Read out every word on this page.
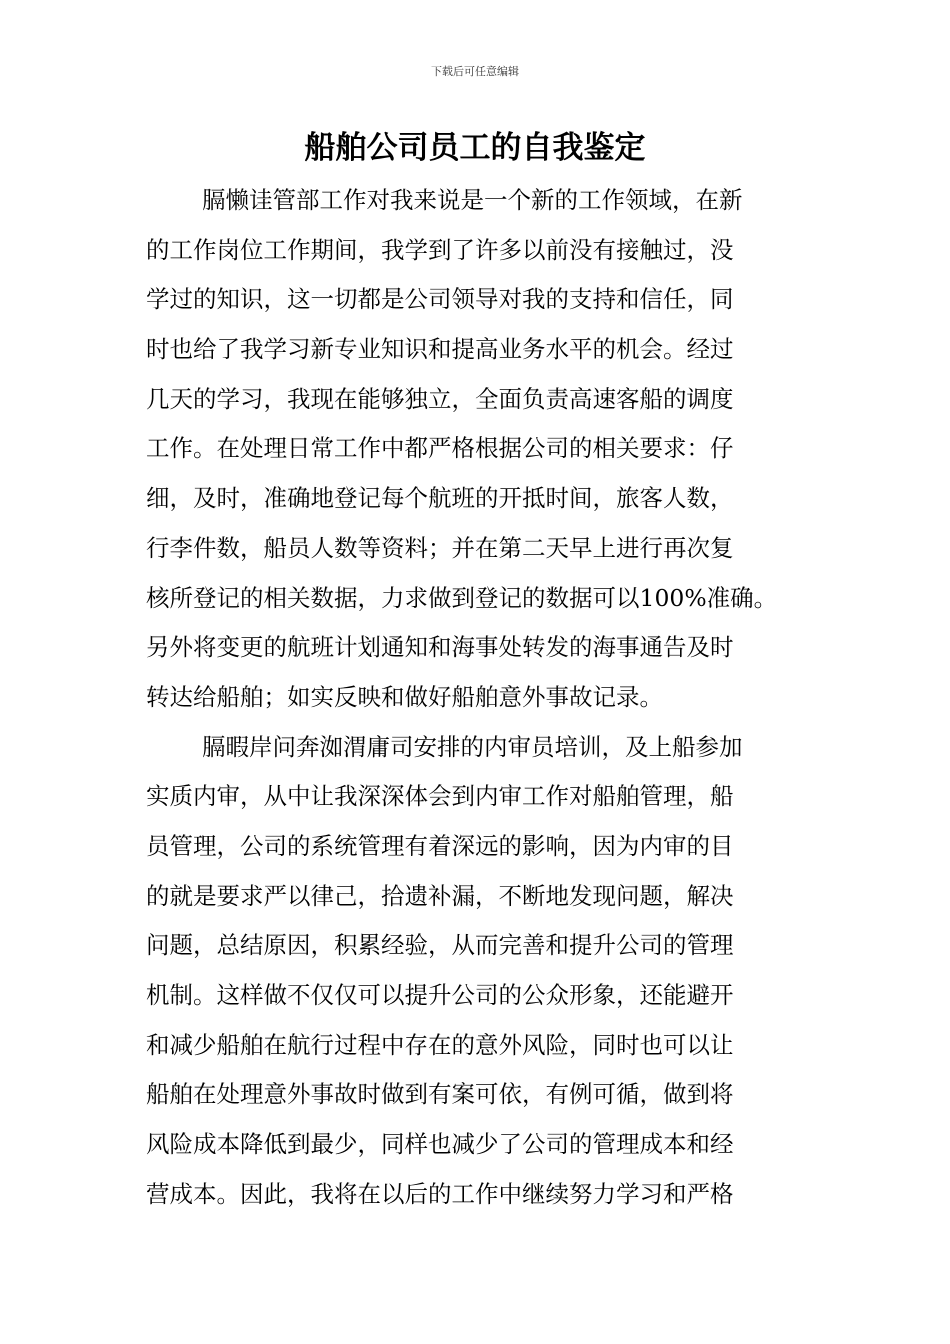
下载后可任意编辑
船舶公司员工的自我鉴定
膈懒诖管部工作对我来说是一个新的工作领域，在新
的工作岗位工作期间，我学到了许多以前没有接触过，没
学过的知识，这一切都是公司领导对我的支持和信任，同
时也给了我学习新专业知识和提高业务水平的机会。经过
几天的学习，我现在能够独立，全面负责高速客船的调度
工作。在处理日常工作中都严格根据公司的相关要求：仔
细，及时，准确地登记每个航班的开抵时间，旅客人数，
行李件数，船员人数等资料；并在第二天早上进行再次复
核所登记的相关数据，力求做到登记的数据可以100%准确。
另外将变更的航班计划通知和海事处转发的海事通告及时
转达给船舶；如实反映和做好船舶意外事故记录。
膈暇岸问奔洳渭庸司安排的内审员培训，及上船参加
实质内审，从中让我深深体会到内审工作对船舶管理，船
员管理，公司的系统管理有着深远的影响，因为内审的目
的就是要求严以律己，拾遗补漏，不断地发现问题，解决
问题，总结原因，积累经验，从而完善和提升公司的管理
机制。这样做不仅仅可以提升公司的公众形象，还能避开
和减少船舶在航行过程中存在的意外风险，同时也可以让
船舶在处理意外事故时做到有案可依，有例可循，做到将
风险成本降低到最少，同样也减少了公司的管理成本和经
营成本。因此，我将在以后的工作中继续努力学习和严格
